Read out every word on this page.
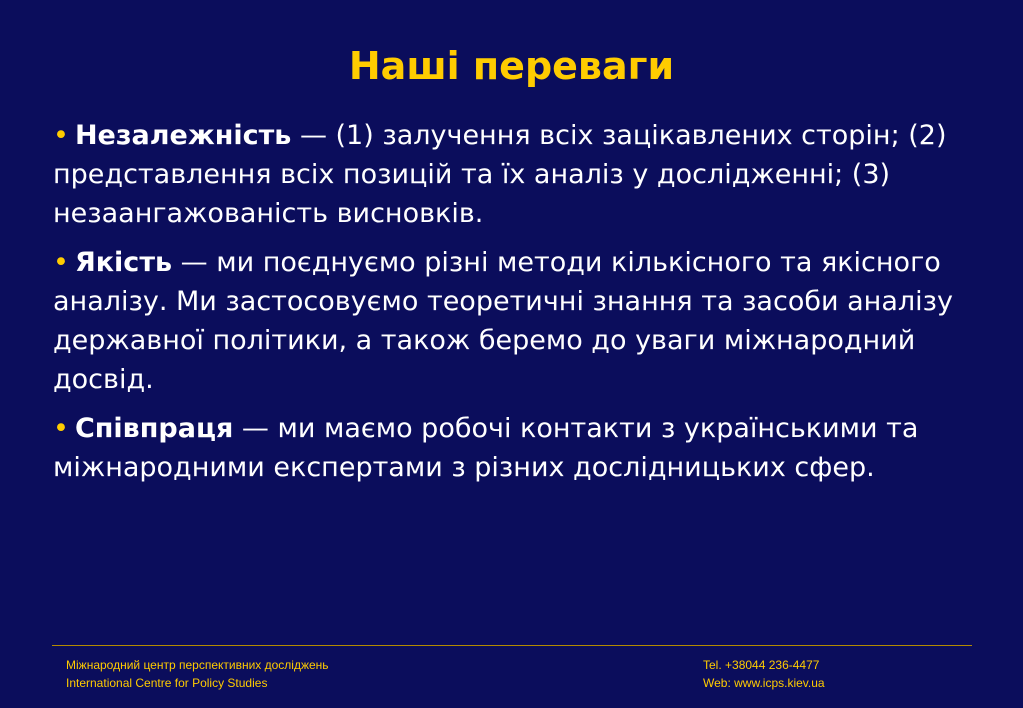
Наші переваги
• Незалежність — (1) залучення всіх зацікавлених сторін; (2) представлення всіх позицій та їх аналіз у дослідженні; (3) незаангажованість висновків.
• Якість — ми поєднуємо різні методи кількісного та якісного аналізу. Ми застосовуємо теоретичні знання та засоби аналізу державної політики, а також беремо до уваги міжнародний досвід.
• Співпраця — ми маємо робочі контакти з українськими та міжнародними експертами з різних дослідницьких сфер.
Міжнародний центр перспективних досліджень
International Centre for Policy Studies
Tel. +38044 236-4477
Web: www.icps.kiev.ua
